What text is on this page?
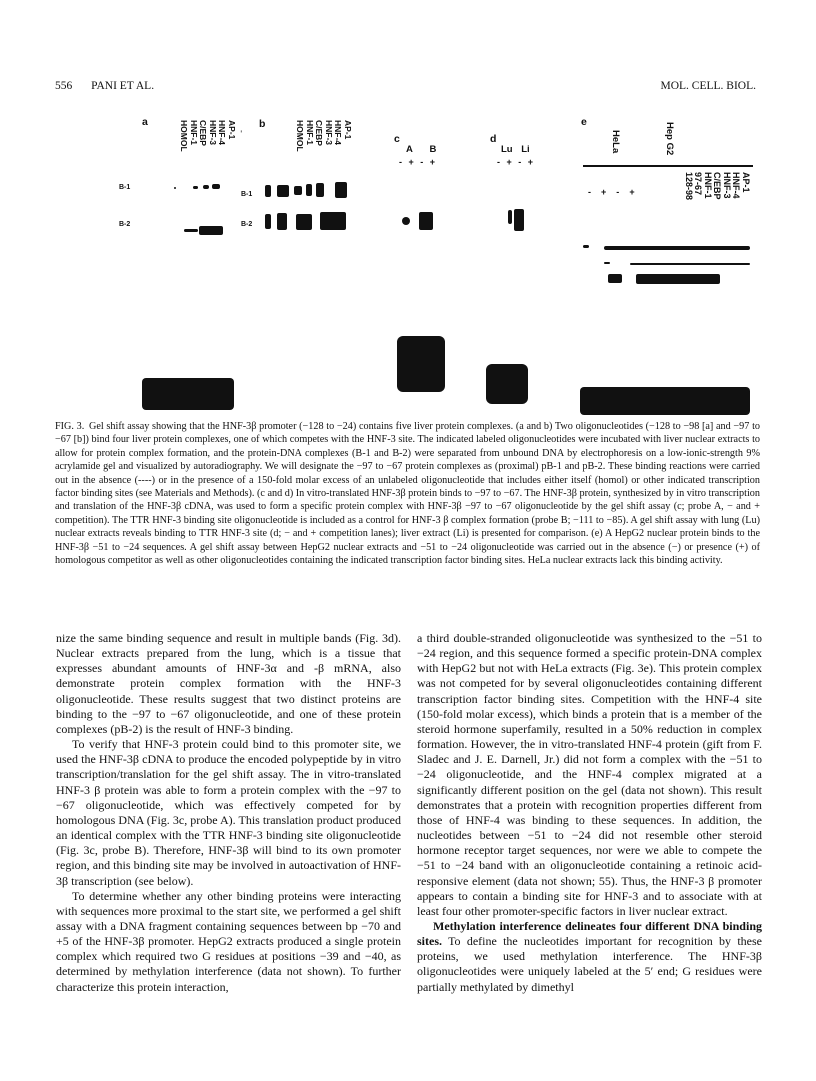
556 PANI ET AL.	MOL. CELL. BIOL.
a	AP-1
HNF-4
HNF-3
C/EBP
HNF-1
HOMOL	-
B-1
B-2
b	AP-1
HNF-4
HNF-3
C/EBP
HNF-1
HOMOL
B-1
B-2
c
A B
- + - +
d
Lu Li
- + - +
e
HeLa	Hep G2
AP-1
HNF-4
HNF-3
C/EBP
HNF-1
97-67
128-98
- + - +
FIG. 3. Gel shift assay showing that the HNF-3β promoter (−128 to −24) contains five liver protein complexes. (a and b) Two oligonucleotides (−128 to −98 [a] and −97 to −67 [b]) bind four liver protein complexes, one of which competes with the HNF-3 site. The indicated labeled oligonucleotides were incubated with liver nuclear extracts to allow for protein complex formation, and the protein-DNA complexes (B-1 and B-2) were separated from unbound DNA by electrophoresis on a low-ionic-strength 9% acrylamide gel and visualized by autoradiography. We will designate the −97 to −67 protein complexes as (proximal) pB-1 and pB-2. These binding reactions were carried out in the absence (----) or in the presence of a 150-fold molar excess of an unlabeled oligonucleotide that includes either itself (homol) or other indicated transcription factor binding sites (see Materials and Methods). (c and d) In vitro-translated HNF-3β protein binds to −97 to −67. The HNF-3β protein, synthesized by in vitro transcription and translation of the HNF-3β cDNA, was used to form a specific protein complex with HNF-3β −97 to −67 oligonucleotide by the gel shift assay (c; probe A, − and + competition). The TTR HNF-3 binding site oligonucleotide is included as a control for HNF-3 β complex formation (probe B; −111 to −85). A gel shift assay with lung (Lu) nuclear extracts reveals binding to TTR HNF-3 site (d; − and + competition lanes); liver extract (Li) is presented for comparison. (e) A HepG2 nuclear protein binds to the HNF-3β −51 to −24 sequences. A gel shift assay between HepG2 nuclear extracts and −51 to −24 oligonucleotide was carried out in the absence (−) or presence (+) of homologous competitor as well as other oligonucleotides containing the indicated transcription factor binding sites. HeLa nuclear extracts lack this binding activity.

nize the same binding sequence and result in multiple bands (Fig. 3d). Nuclear extracts prepared from the lung, which is a tissue that expresses abundant amounts of HNF-3α and -β mRNA, also demonstrate protein complex formation with the HNF-3 oligonucleotide. These results suggest that two distinct proteins are binding to the −97 to −67 oligonucleotide, and one of these protein complexes (pB-2) is the result of HNF-3 binding.

To verify that HNF-3 protein could bind to this promoter site, we used the HNF-3β cDNA to produce the encoded polypeptide by in vitro transcription/translation for the gel shift assay. The in vitro-translated HNF-3 β protein was able to form a protein complex with the −97 to −67 oligonucleotide, which was effectively competed for by homologous DNA (Fig. 3c, probe A). This translation product produced an identical complex with the TTR HNF-3 binding site oligonucleotide (Fig. 3c, probe B). Therefore, HNF-3β will bind to its own promoter region, and this binding site may be involved in autoactivation of HNF-3β transcription (see below).

To determine whether any other binding proteins were interacting with sequences more proximal to the start site, we performed a gel shift assay with a DNA fragment containing sequences between bp −70 and +5 of the HNF-3β promoter. HepG2 extracts produced a single protein complex which required two G residues at positions −39 and −40, as determined by methylation interference (data not shown). To further characterize this protein interaction,

a third double-stranded oligonucleotide was synthesized to the −51 to −24 region, and this sequence formed a specific protein-DNA complex with HepG2 but not with HeLa extracts (Fig. 3e). This protein complex was not competed for by several oligonucleotides containing different transcription factor binding sites. Competition with the HNF-4 site (150-fold molar excess), which binds a protein that is a member of the steroid hormone superfamily, resulted in a 50% reduction in complex formation. However, the in vitro-translated HNF-4 protein (gift from F. Sladec and J. E. Darnell, Jr.) did not form a complex with the −51 to −24 oligonucleotide, and the HNF-4 complex migrated at a significantly different position on the gel (data not shown). This result demonstrates that a protein with recognition properties different from those of HNF-4 was binding to these sequences. In addition, the nucleotides between −51 to −24 did not resemble other steroid hormone receptor target sequences, nor were we able to compete the −51 to −24 band with an oligonucleotide containing a retinoic acid-responsive element (data not shown; 55). Thus, the HNF-3 β promoter appears to contain a binding site for HNF-3 and to associate with at least four other promoter-specific factors in liver nuclear extract.

Methylation interference delineates four different DNA binding sites. To define the nucleotides important for recognition by these proteins, we used methylation interference. The HNF-3β oligonucleotides were uniquely labeled at the 5′ end; G residues were partially methylated by dimethyl
